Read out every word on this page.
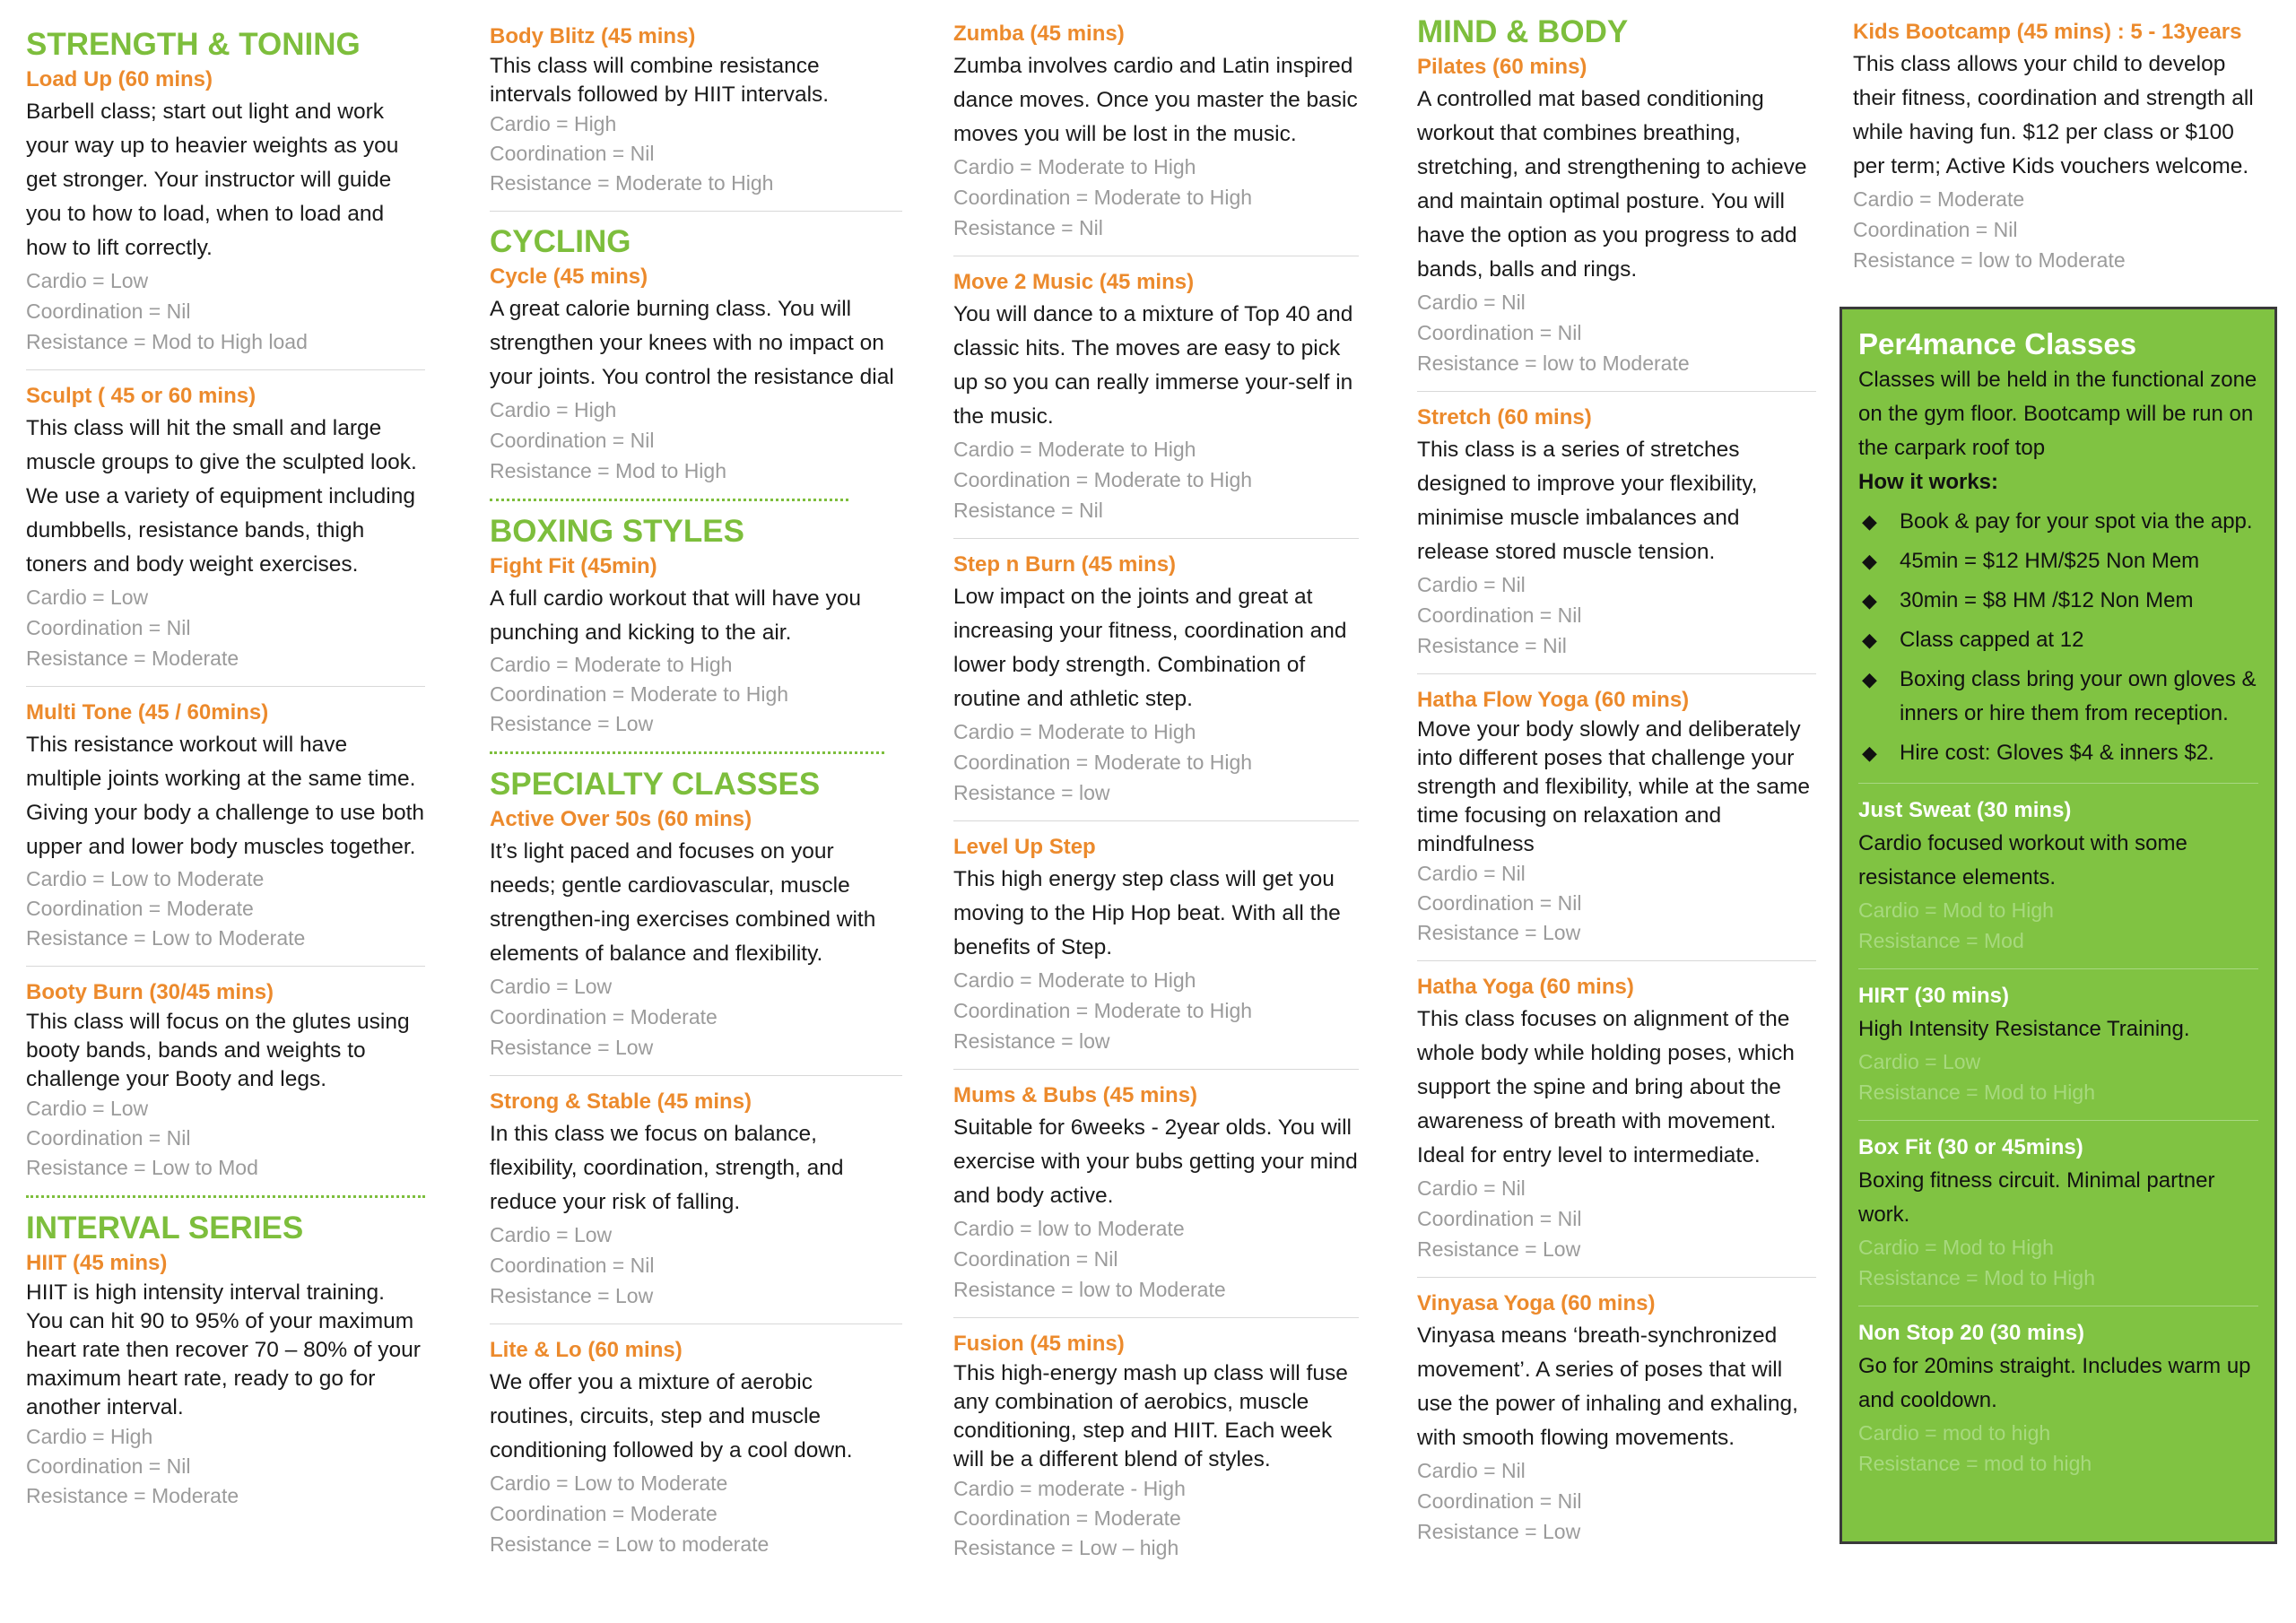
STRENGTH & TONING
Load Up (60 mins)
Barbell class; start out light and work your way up to heavier weights as you get stronger. Your instructor will guide you to how to load, when to load and how to lift correctly.
Cardio = Low
Coordination = Nil
Resistance = Mod to High load
Sculpt ( 45 or 60 mins)
This class will hit the small and large muscle groups to give the sculpted look. We use a variety of equipment including dumbbells, resistance bands, thigh toners and body weight exercises.
Cardio = Low
Coordination = Nil
Resistance = Moderate
Multi Tone (45 / 60mins)
This resistance workout will have multiple joints working at the same time. Giving your body a challenge to use both upper and lower body muscles together.
Cardio = Low to Moderate
Coordination = Moderate
Resistance = Low to Moderate
Booty Burn (30/45 mins)
This class will focus on the glutes using booty bands, bands and weights to challenge your Booty and legs.
Cardio = Low
Coordination = Nil
Resistance = Low to Mod
INTERVAL SERIES
HIIT (45 mins)
HIIT is high intensity interval training. You can hit 90 to 95% of your maximum heart rate then recover 70 – 80% of your maximum heart rate, ready to go for another interval.
Cardio = High
Coordination = Nil
Resistance = Moderate
Body Blitz (45 mins)
This class will combine resistance intervals followed by HIIT intervals.
Cardio = High
Coordination = Nil
Resistance = Moderate to High
CYCLING
Cycle (45 mins)
A great calorie burning class. You will strengthen your knees with no impact on your joints. You control the resistance dial
Cardio = High
Coordination = Nil
Resistance = Mod to High
BOXING STYLES
Fight Fit (45min)
A full cardio workout that will have you punching and kicking to the air.
Cardio = Moderate to High
Coordination = Moderate to High
Resistance = Low
SPECIALTY CLASSES
Active Over 50s (60 mins)
It’s light paced and focuses on your needs; gentle cardiovascular, muscle strengthen-ing exercises combined with elements of balance and flexibility.
Cardio = Low
Coordination = Moderate
Resistance = Low
Strong & Stable (45 mins)
In this class we focus on balance, flexibility, coordination, strength, and reduce your risk of falling.
Cardio = Low
Coordination = Nil
Resistance = Low
Lite & Lo (60 mins)
We offer you a mixture of aerobic routines, circuits, step and muscle conditioning followed by a cool down.
Cardio = Low to Moderate
Coordination = Moderate
Resistance = Low to moderate
Zumba (45 mins)
Zumba involves cardio and Latin inspired dance moves. Once you master the basic moves you will be lost in the music.
Cardio = Moderate to High
Coordination = Moderate to High
Resistance = Nil
Move 2 Music (45 mins)
You will dance to a mixture of Top 40 and classic hits. The moves are easy to pick up so you can really immerse your-self in the music.
Cardio = Moderate to High
Coordination = Moderate to High
Resistance = Nil
Step n Burn (45 mins)
Low impact on the joints and great at increasing your fitness, coordination and lower body strength. Combination of routine and athletic step.
Cardio = Moderate to High
Coordination = Moderate to High
Resistance = low
Level Up Step
This high energy step class will get you moving to the Hip Hop beat. With all the benefits of Step.
Cardio = Moderate to High
Coordination = Moderate to High
Resistance = low
Mums & Bubs (45 mins)
Suitable for 6weeks - 2year olds. You will exercise with your bubs getting your mind and body active.
Cardio = low to Moderate
Coordination = Nil
Resistance = low to Moderate
Fusion (45 mins)
This high-energy mash up class will fuse any combination of aerobics, muscle conditioning, step and HIIT. Each week will be a different blend of styles.
Cardio = moderate - High
Coordination = Moderate
Resistance = Low – high
MIND & BODY
Pilates (60 mins)
A controlled mat based conditioning workout that combines breathing, stretching, and strengthening to achieve and maintain optimal posture. You will have the option as you progress to add bands, balls and rings.
Cardio = Nil
Coordination = Nil
Resistance = low to Moderate
Stretch (60 mins)
This class is a series of stretches designed to improve your flexibility, minimise muscle imbalances and release stored muscle tension.
Cardio = Nil
Coordination = Nil
Resistance = Nil
Hatha Flow Yoga (60 mins)
Move your body slowly and deliberately into different poses that challenge your strength and flexibility, while at the same time focusing on relaxation and mindfulness
Cardio = Nil
Coordination = Nil
Resistance = Low
Hatha Yoga (60 mins)
This class focuses on alignment of the whole body while holding poses, which support the spine and bring about the awareness of breath with movement. Ideal for entry level to intermediate.
Cardio = Nil
Coordination = Nil
Resistance = Low
Vinyasa Yoga (60 mins)
Vinyasa means ‘breath-synchronized movement’. A series of poses that will use the power of inhaling and exhaling, with smooth flowing movements.
Cardio = Nil
Coordination = Nil
Resistance = Low
Kids Bootcamp (45 mins) : 5 - 13years
This class allows your child to develop their fitness, coordination and strength all while having fun. $12 per class or $100 per term; Active Kids vouchers welcome.
Cardio = Moderate
Coordination = Nil
Resistance = low to Moderate
Per4mance Classes
Classes will be held in the functional zone on the gym floor. Bootcamp will be run on the carpark roof top
How it works:
◆ Book & pay for your spot via the app.
◆ 45min = $12 HM/$25 Non Mem
◆ 30min = $8 HM /$12 Non Mem
◆ Class capped at 12
◆ Boxing class bring your own gloves & inners or hire them from reception.
◆ Hire cost: Gloves $4 & inners $2.
Just Sweat (30 mins)
Cardio focused workout with some resistance elements.
Cardio = Mod to High
Resistance = Mod
HIRT (30 mins)
High Intensity Resistance Training.
Cardio = Low
Resistance = Mod to High
Box Fit (30 or 45mins)
Boxing fitness circuit. Minimal partner work.
Cardio = Mod to High
Resistance = Mod to High
Non Stop 20 (30 mins)
Go for 20mins straight. Includes warm up and cooldown.
Cardio = mod to high
Resistance = mod to high
